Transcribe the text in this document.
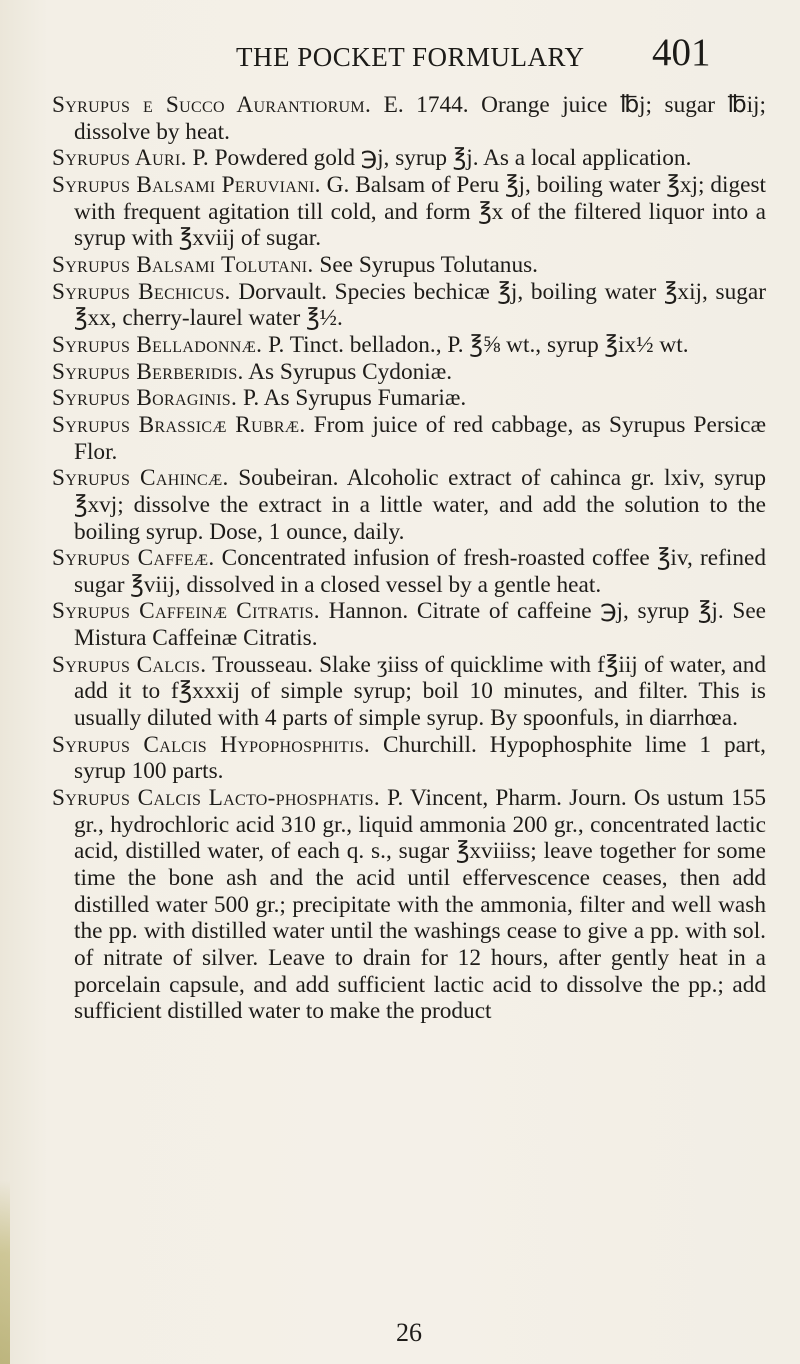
THE POCKET FORMULARY 401

Syrupus e Succo Aurantiorum. E. 1744. Orange juice ℔j; sugar ℔ij; dissolve by heat.

Syrupus Auri. P. Powdered gold ℈j, syrup ℥j. As a local application.

Syrupus Balsami Peruviani. G. Balsam of Peru ℥j, boiling water ℥xj; digest with frequent agitation till cold, and form ℥x of the filtered liquor into a syrup with ℥xviij of sugar.

Syrupus Balsami Tolutani. See Syrupus Tolutanus.

Syrupus Bechicus. Dorvault. Species bechicæ ℥j, boiling water ℥xij, sugar ℥xx, cherry-laurel water ℥½.

Syrupus Belladonnæ. P. Tinct. belladon., P. ℥⅝ wt., syrup ℥ix½ wt.

Syrupus Berberidis. As Syrupus Cydoniæ.

Syrupus Boraginis. P. As Syrupus Fumariæ.

Syrupus Brassicæ Rubræ. From juice of red cabbage, as Syrupus Persicæ Flor.

Syrupus Cahincæ. Soubeiran. Alcoholic extract of cahinca gr. lxiv, syrup ℥xvj; dissolve the extract in a little water, and add the solution to the boiling syrup. Dose, 1 ounce, daily.

Syrupus Caffeæ. Concentrated infusion of fresh-roasted coffee ℥iv, refined sugar ℥viij, dissolved in a closed vessel by a gentle heat.

Syrupus Caffeinæ Citratis. Hannon. Citrate of caffeine ℈j, syrup ℥j. See Mistura Caffeinæ Citratis.

Syrupus Calcis. Trousseau. Slake ʒiiss of quicklime with f℥iij of water, and add it to f℥xxxij of simple syrup; boil 10 minutes, and filter. This is usually diluted with 4 parts of simple syrup. By spoonfuls, in diarrhœa.

Syrupus Calcis Hypophosphitis. Churchill. Hypophosphite lime 1 part, syrup 100 parts.

Syrupus Calcis Lacto-phosphatis. P. Vincent, Pharm. Journ. Os ustum 155 gr., hydrochloric acid 310 gr., liquid ammonia 200 gr., concentrated lactic acid, distilled water, of each q. s., sugar ℥xviiiss; leave together for some time the bone ash and the acid until effervescence ceases, then add distilled water 500 gr.; precipitate with the ammonia, filter and well wash the pp. with distilled water until the washings cease to give a pp. with sol. of nitrate of silver. Leave to drain for 12 hours, after gently heat in a porcelain capsule, and add sufficient lactic acid to dissolve the pp.; add sufficient distilled water to make the product

26
